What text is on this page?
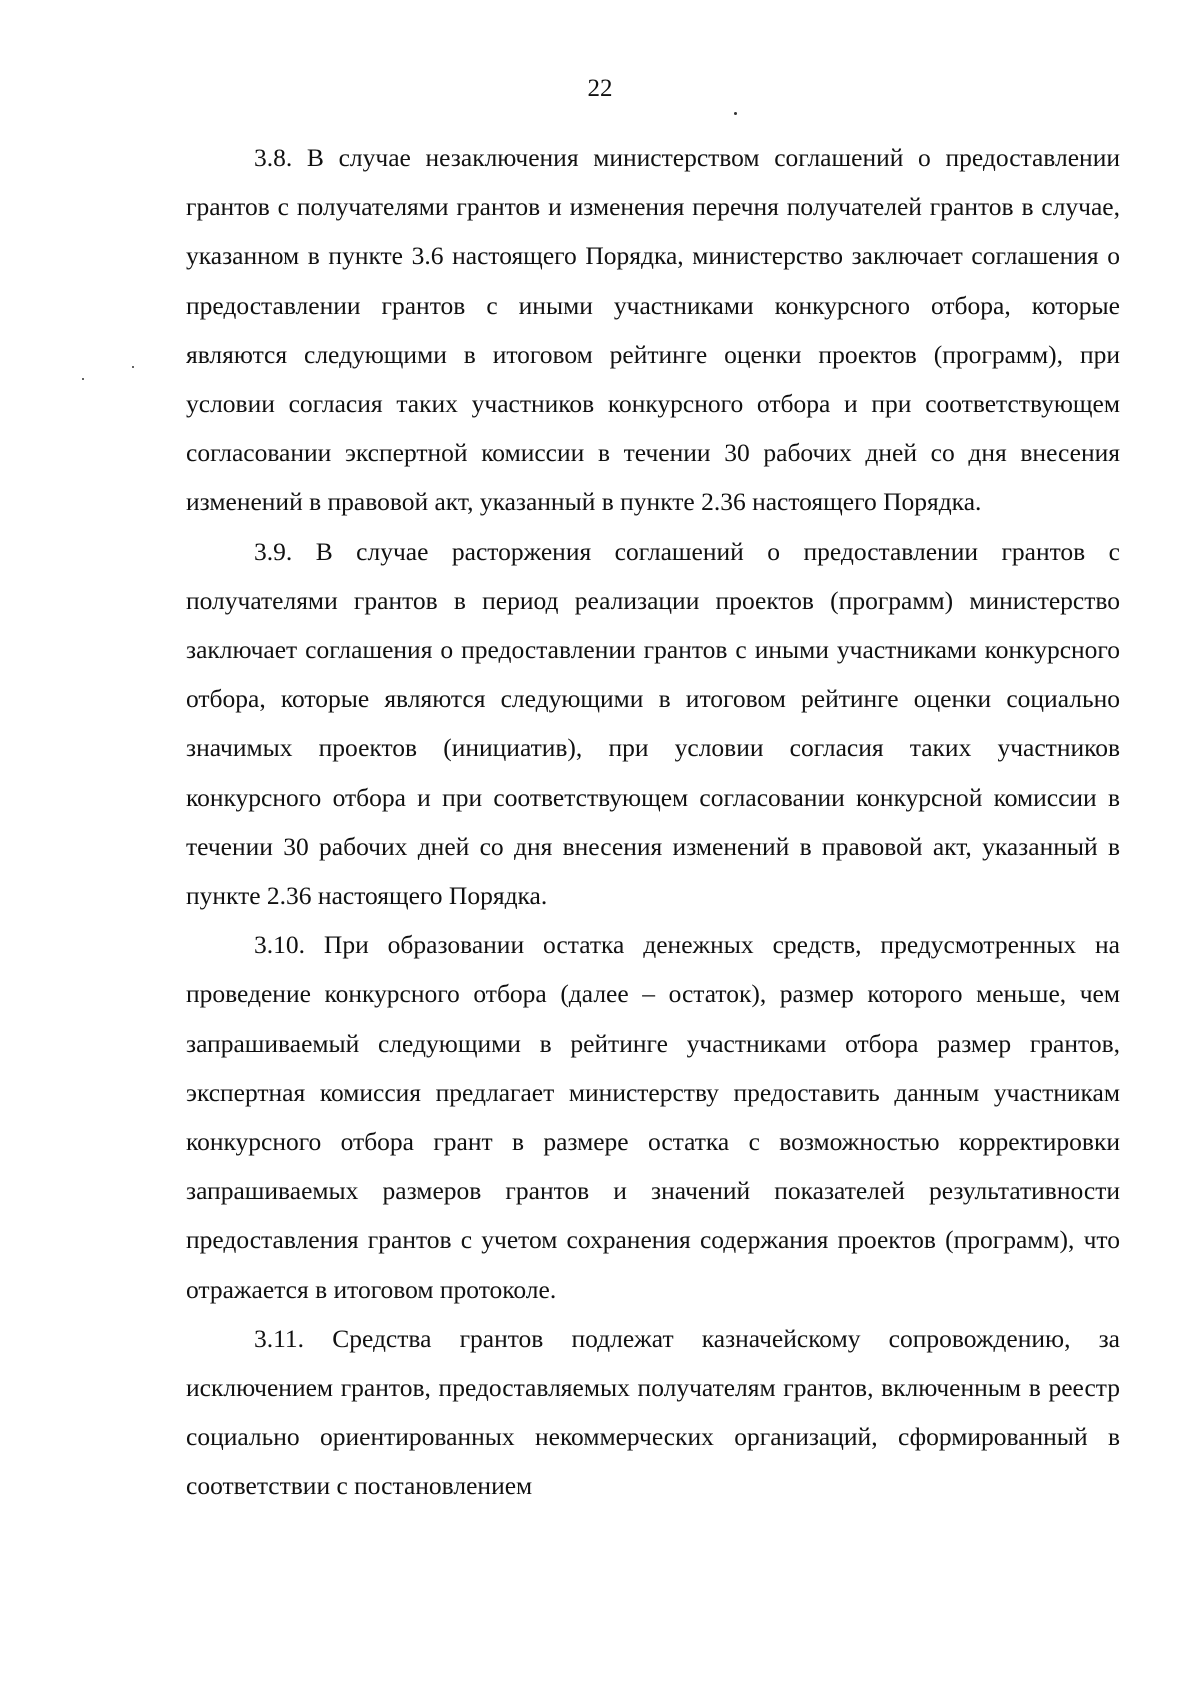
22

3.8. В случае незаключения министерством соглашений о предоставлении грантов с получателями грантов и изменения перечня получателей грантов в случае, указанном в пункте 3.6 настоящего Порядка, министерство заключает соглашения о предоставлении грантов с иными участниками конкурсного отбора, которые являются следующими в итоговом рейтинге оценки проектов (программ), при условии согласия таких участников конкурсного отбора и при соответствующем согласовании экспертной комиссии в течении 30 рабочих дней со дня внесения изменений в правовой акт, указанный в пункте 2.36 настоящего Порядка.

3.9. В случае расторжения соглашений о предоставлении грантов с получателями грантов в период реализации проектов (программ) министерство заключает соглашения о предоставлении грантов с иными участниками конкурсного отбора, которые являются следующими в итоговом рейтинге оценки социально значимых проектов (инициатив), при условии согласия таких участников конкурсного отбора и при соответствующем согласовании конкурсной комиссии в течении 30 рабочих дней со дня внесения изменений в правовой акт, указанный в пункте 2.36 настоящего Порядка.

3.10. При образовании остатка денежных средств, предусмотренных на проведение конкурсного отбора (далее – остаток), размер которого меньше, чем запрашиваемый следующими в рейтинге участниками отбора размер грантов, экспертная комиссия предлагает министерству предоставить данным участникам конкурсного отбора грант в размере остатка с возможностью корректировки запрашиваемых размеров грантов и значений показателей результативности предоставления грантов с учетом сохранения содержания проектов (программ), что отражается в итоговом протоколе.

3.11. Средства грантов подлежат казначейскому сопровождению, за исключением грантов, предоставляемых получателям грантов, включенным в реестр социально ориентированных некоммерческих организаций, сформированный в соответствии с постановлением
